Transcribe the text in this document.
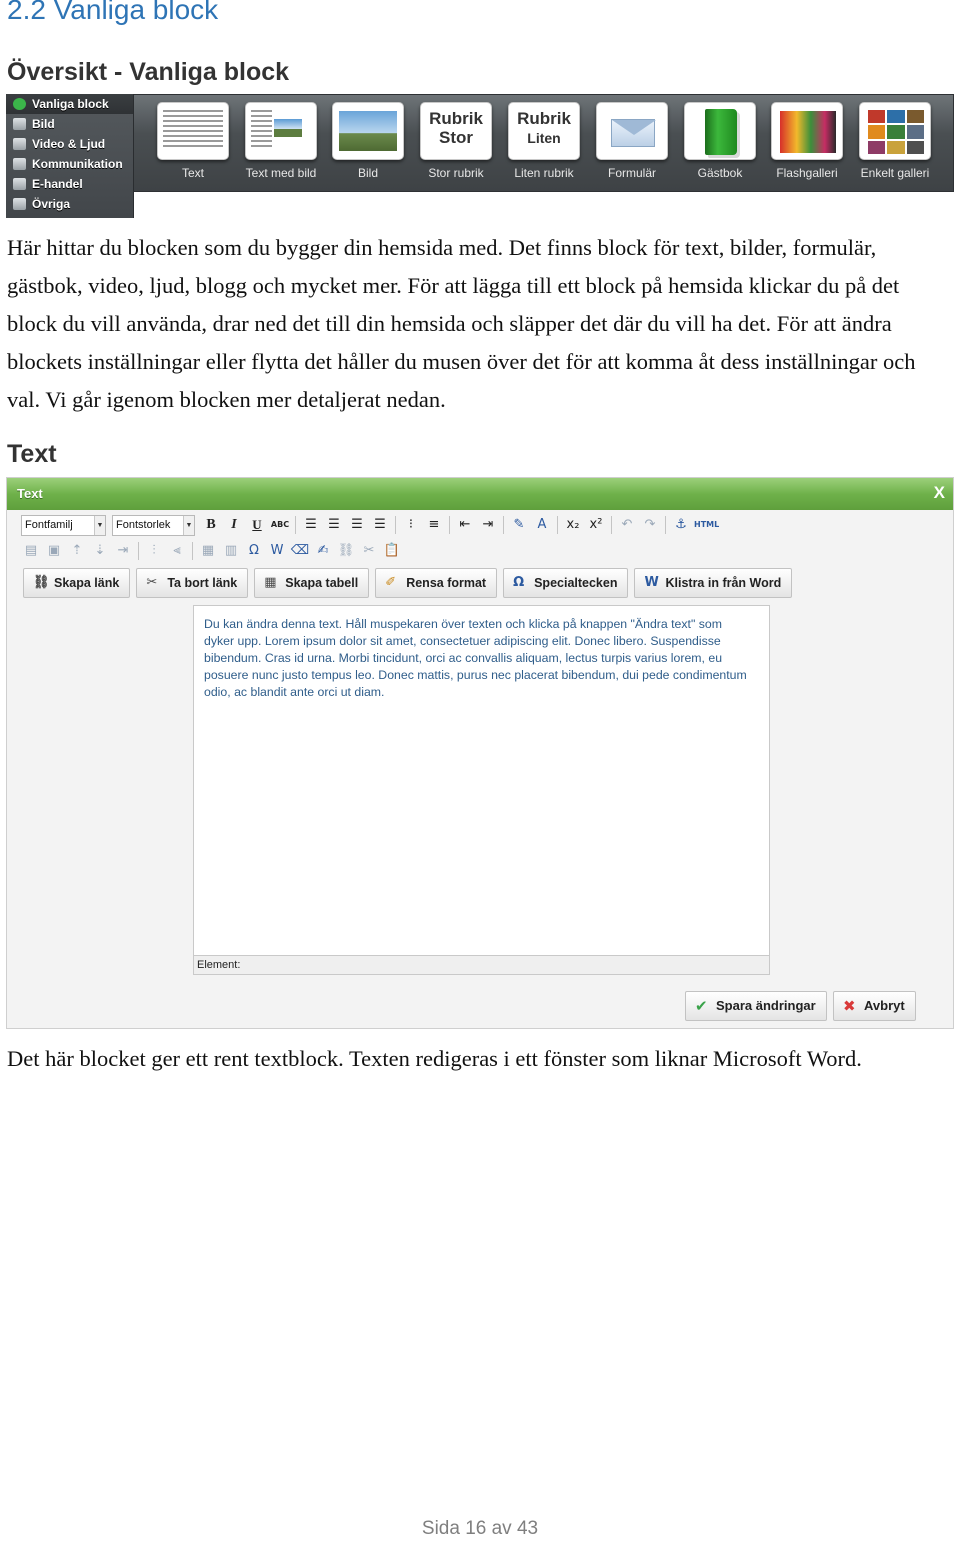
2.2 Vanliga block
Översikt - Vanliga block
Vanliga block
Bild
Video & Ljud
Kommunikation
E-handel
Övriga
Text	Text med bild	Bild
Rubrik
Stor
Stor rubrik
Rubrik
Liten
Liten rubrik	Formulär	Gästbok	Flashgalleri	Enkelt galleri
Här hittar du blocken som du bygger din hemsida med. Det finns block för text, bilder, formulär, gästbok, video, ljud, blogg och mycket mer. För att lägga till ett block på hemsida klickar du på det block du vill använda, drar ned det till din hemsida och släpper det där du vill ha det. För att ändra blockets inställningar eller flytta det håller du musen över det för att komma åt dess inställningar och val. Vi går igenom blocken mer detaljerat nedan.
Text
Text	X
Fontfamilj	▼	Fontstorlek	▼ B	I	U	ABC	☰ ☰ ☰ ☰	⁝	≡	⇤ ⇥	✎	A	x₂ x²	↶ ↷	⚓ HTML
▤ ▣ ⇡ ⇣ ⇥	⫶	⫷	▦ ▥ Ω W ⌫ ✍ ⛓ ✂ 📋
⛓ Skapa länk	✂ Ta bort länk	▦ Skapa tabell	✐ Rensa format	Ω Specialtecken	W Klistra in från Word
Du kan ändra denna text. Håll muspekaren över texten och klicka på knappen "Ändra text" som dyker upp. Lorem ipsum dolor sit amet, consectetuer adipiscing elit. Donec libero. Suspendisse bibendum. Cras id urna. Morbi tincidunt, orci ac convallis aliquam, lectus turpis varius lorem, eu posuere nunc justo tempus leo. Donec mattis, purus nec placerat bibendum, dui pede condimentum odio, ac blandit ante orci ut diam.
Element:
✔ Spara ändringar	✖ Avbryt
Det här blocket ger ett rent textblock. Texten redigeras i ett fönster som liknar Microsoft Word.
Sida 16 av 43
